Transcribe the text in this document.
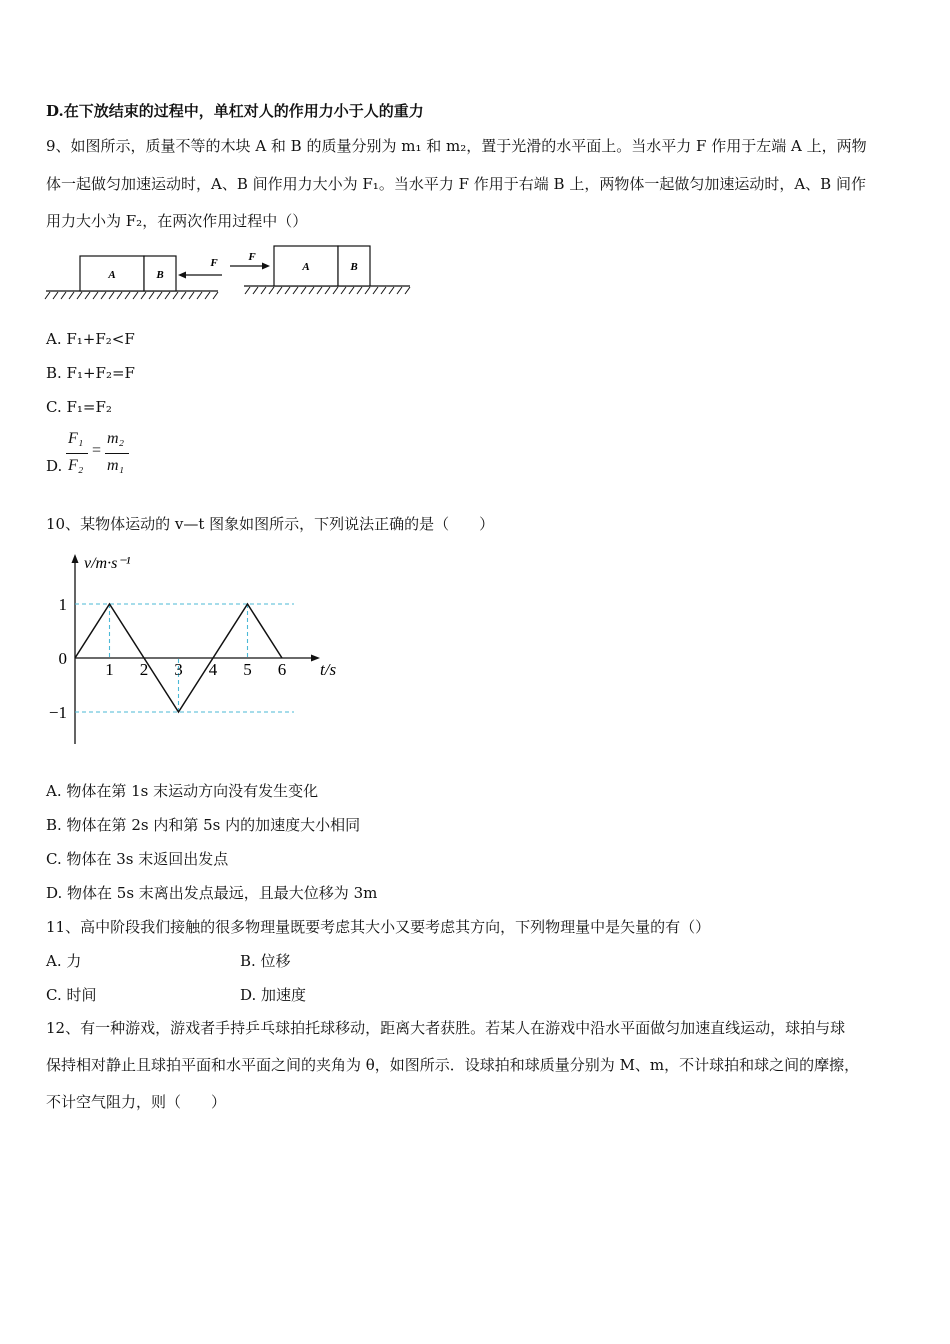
D.在下放结束的过程中，单杠对人的作用力小于人的重力
9、如图所示，质量不等的木块 A 和 B 的质量分别为 m₁ 和 m₂，置于光滑的水平面上。当水平力 F 作用于左端 A 上，两物
体一起做匀加速运动时，A、B 间作用力大小为 F₁。当水平力 F 作用于右端 B 上，两物体一起做匀加速运动时，A、B 间作
用力大小为 F₂，在两次作用过程中（）
A	B
F	A	B
F
A. F₁+F₂<F
B. F₁+F₂=F
C. F₁=F₂
D.
F₁
F₂
=
m₂
m₁
10、某物体运动的 v—t 图象如图所示，下列说法正确的是（　　）
1 2 3 4 5 6
1
0
−1
v/m·s⁻¹
t/s
A. 物体在第 1s 末运动方向没有发生变化
B. 物体在第 2s 内和第 5s 内的加速度大小相同
C. 物体在 3s 末返回出发点
D. 物体在 5s 末离出发点最远，且最大位移为 3m
11、高中阶段我们接触的很多物理量既要考虑其大小又要考虑其方向，下列物理量中是矢量的有（）
A. 力	B. 位移
C. 时间	D. 加速度
12、有一种游戏，游戏者手持乒乓球拍托球移动，距离大者获胜。若某人在游戏中沿水平面做匀加速直线运动，球拍与球
保持相对静止且球拍平面和水平面之间的夹角为 θ，如图所示．设球拍和球质量分别为 M、m，不计球拍和球之间的摩擦，
不计空气阻力，则（　　）
